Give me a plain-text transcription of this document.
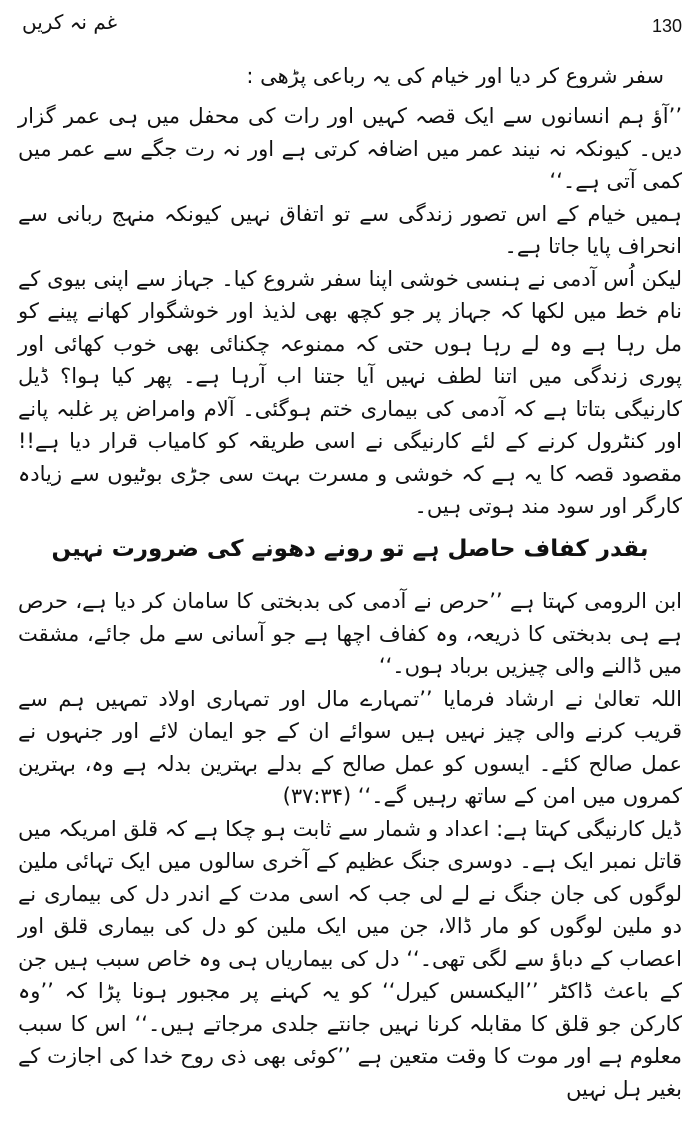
غم نہ کریں	130

سفر شروع کر دیا اور خیام کی یہ رباعی پڑھی :

’’آؤ ہم انسانوں سے ایک قصہ کہیں اور رات کی محفل میں ہی عمر گزار دیں۔ کیونکہ نہ نیند عمر میں اضافہ کرتی ہے اور نہ رت جگے سے عمر میں کمی آتی ہے۔‘‘

ہمیں خیام کے اس تصور زندگی سے تو اتفاق نہیں کیونکہ منہج ربانی سے انحراف پایا جاتا ہے۔

لیکن اُس آدمی نے ہنسی خوشی اپنا سفر شروع کیا۔ جہاز سے اپنی بیوی کے نام خط میں لکھا کہ جہاز پر جو کچھ بھی لذیذ اور خوشگوار کھانے پینے کو مل رہا ہے وہ لے رہا ہوں حتی کہ ممنوعہ چکنائی بھی خوب کھائی اور پوری زندگی میں اتنا لطف نہیں آیا جتنا اب آرہا ہے۔ پھر کیا ہوا؟ ڈیل کارنیگی بتاتا ہے کہ آدمی کی بیماری ختم ہوگئی۔ آلام وامراض پر غلبہ پانے اور کنٹرول کرنے کے لئے کارنیگی نے اسی طریقہ کو کامیاب قرار دیا ہے!! مقصود قصہ کا یہ ہے کہ خوشی و مسرت بہت سی جڑی بوٹیوں سے زیادہ کارگر اور سود مند ہوتی ہیں۔

بقدر کفاف حاصل ہے تو رونے دھونے کی ضرورت نہیں

ابن الرومی کہتا ہے ’’حرص نے آدمی کی بدبختی کا سامان کر دیا ہے، حرص ہے ہی بدبختی کا ذریعہ، وہ کفاف اچھا ہے جو آسانی سے مل جائے، مشقت میں ڈالنے والی چیزیں برباد ہوں۔‘‘

اللہ تعالیٰ نے ارشاد فرمایا ’’تمہارے مال اور تمہاری اولاد تمہیں ہم سے قریب کرنے والی چیز نہیں ہیں سوائے ان کے جو ایمان لائے اور جنہوں نے عمل صالح کئے۔ ایسوں کو عمل صالح کے بدلے بہترین بدلہ ہے وہ، بہترین کمروں میں امن کے ساتھ رہیں گے۔‘‘ (۳۷:۳۴)

ڈیل کارنیگی کہتا ہے: اعداد و شمار سے ثابت ہو چکا ہے کہ قلق امریکہ میں قاتل نمبر ایک ہے۔ دوسری جنگ عظیم کے آخری سالوں میں ایک تہائی ملین لوگوں کی جان جنگ نے لے لی جب کہ اسی مدت کے اندر دل کی بیماری نے دو ملین لوگوں کو مار ڈالا، جن میں ایک ملین کو دل کی بیماری قلق اور اعصاب کے دباؤ سے لگی تھی۔‘‘ دل کی بیماریاں ہی وہ خاص سبب ہیں جن کے باعث ڈاکٹر ’’الیکسس کیرل‘‘ کو یہ کہنے پر مجبور ہونا پڑا کہ ’’وہ کارکن جو قلق کا مقابلہ کرنا نہیں جانتے جلدی مرجاتے ہیں۔‘‘ اس کا سبب معلوم ہے اور موت کا وقت متعین ہے ’’کوئی بھی ذی روح خدا کی اجازت کے بغیر ہل نہیں
